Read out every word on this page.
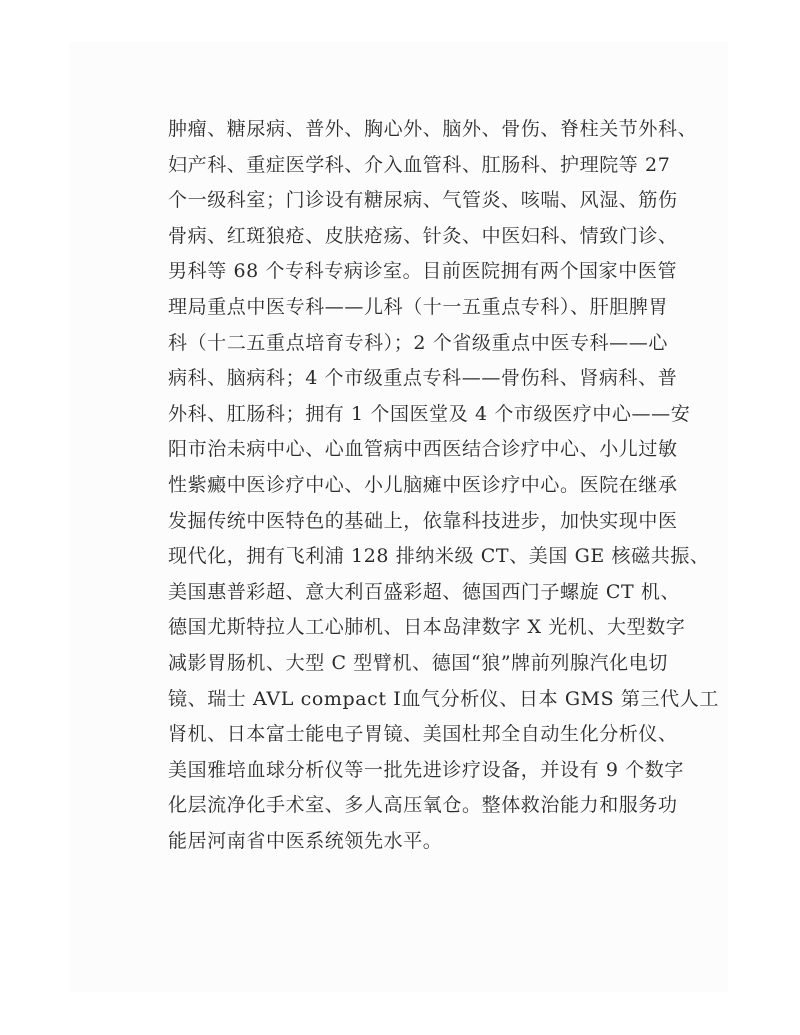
肿瘤、糖尿病、普外、胸心外、脑外、骨伤、脊柱关节外科、
妇产科、重症医学科、介入血管科、肛肠科、护理院等 27
个一级科室；门诊设有糖尿病、气管炎、咳喘、风湿、筋伤
骨病、红斑狼疮、皮肤疮疡、针灸、中医妇科、情致门诊、
男科等 68 个专科专病诊室。目前医院拥有两个国家中医管
理局重点中医专科——儿科（十一五重点专科）、肝胆脾胃
科（十二五重点培育专科）；2 个省级重点中医专科——心
病科、脑病科；4 个市级重点专科——骨伤科、肾病科、普
外科、肛肠科；拥有 1 个国医堂及 4 个市级医疗中心——安
阳市治未病中心、心血管病中西医结合诊疗中心、小儿过敏
性紫癜中医诊疗中心、小儿脑瘫中医诊疗中心。医院在继承
发掘传统中医特色的基础上，依靠科技进步，加快实现中医
现代化，拥有飞利浦 128 排纳米级 CT、美国 GE 核磁共振、
美国惠普彩超、意大利百盛彩超、德国西门子螺旋 CT 机、
德国尤斯特拉人工心肺机、日本岛津数字 X 光机、大型数字
减影胃肠机、大型 C 型臂机、德国“狼”牌前列腺汽化电切
镜、瑞士 AVL compact Ⅰ血气分析仪、日本 GMS 第三代人工
肾机、日本富士能电子胃镜、美国杜邦全自动生化分析仪、
美国雅培血球分析仪等一批先进诊疗设备，并设有 9 个数字
化层流净化手术室、多人高压氧仓。整体救治能力和服务功
能居河南省中医系统领先水平。
